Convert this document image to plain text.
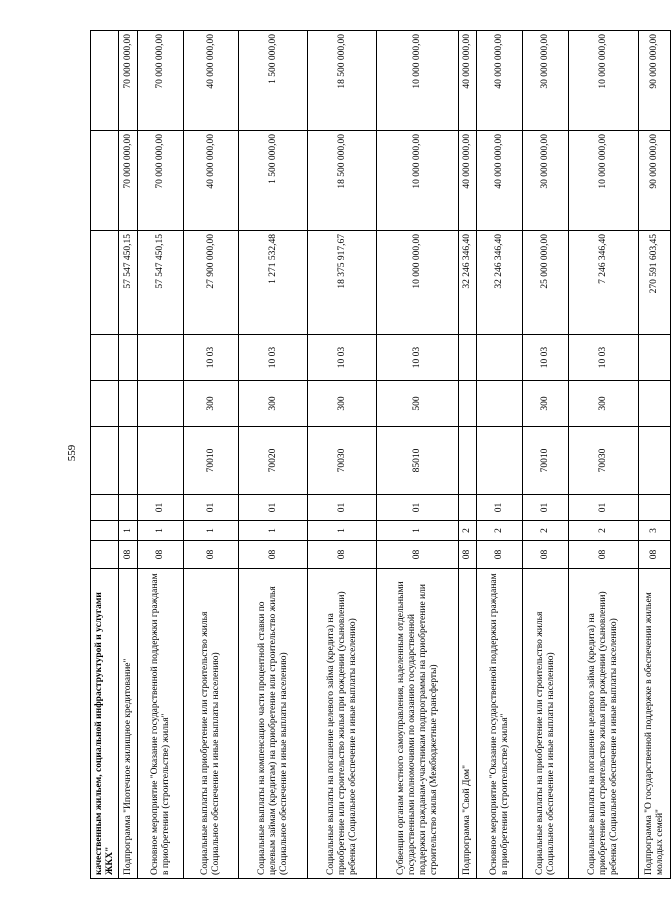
559
качественным жильем, социальной инфраструктурой и услугами ЖКХ"									
Подпрограмма "Ипотечное жилищное кредитование"	08	1					57 547 450,15	70 000 000,00	70 000 000,00
Основное мероприятие "Оказание государственной поддержки гражданам в приобретении (строительстве) жилья"	08	1	01				57 547 450,15	70 000 000,00	70 000 000,00
Социальные выплаты на приобретение или строительство жилья (Социальное обеспечение и иные выплаты населению)	08	1	01	70010	300	10 03	27 900 000,00	40 000 000,00	40 000 000,00
Социальные выплаты на компенсацию части процентной ставки по целевым займам (кредитам) на приобретение или строительство жилья (Социальное обеспечение и иные выплаты населению)	08	1	01	70020	300	10 03	1 271 532,48	1 500 000,00	1 500 000,00
Социальные выплаты на погашение целевого займа (кредита) на приобретение или строительство жилья при рождении (усыновлении) ребенка (Социальное обеспечение и иные выплаты населению)	08	1	01	70030	300	10 03	18 375 917,67	18 500 000,00	18 500 000,00
Субвенции органам местного самоуправления, наделенным отдельными государственными полномочиями по оказанию государственной поддержки гражданам-участникам подпрограммы на приобретение или строительство жилья (Межбюджетные трансферты)	08	1	01	85010	500	10 03	10 000 000,00	10 000 000,00	10 000 000,00
Подпрограмма "Свой Дом"	08	2					32 246 346,40	40 000 000,00	40 000 000,00
Основное мероприятие "Оказание государственной поддержки гражданам в приобретении (строительстве) жилья"	08	2	01				32 246 346,40	40 000 000,00	40 000 000,00
Социальные выплаты на приобретение или строительство жилья (Социальное обеспечение и иные выплаты населению)	08	2	01	70010	300	10 03	25 000 000,00	30 000 000,00	30 000 000,00
Социальные выплаты на погашение целевого займа (кредита) на приобретение или строительство жилья при рождении (усыновлении) ребенка (Социальное обеспечение и иные выплаты населению)	08	2	01	70030	300	10 03	7 246 346,40	10 000 000,00	10 000 000,00
Подпрограмма "О государственной поддержке в обеспечении жильем молодых семей"	08	3					270 591 603,45	90 000 000,00	90 000 000,00
